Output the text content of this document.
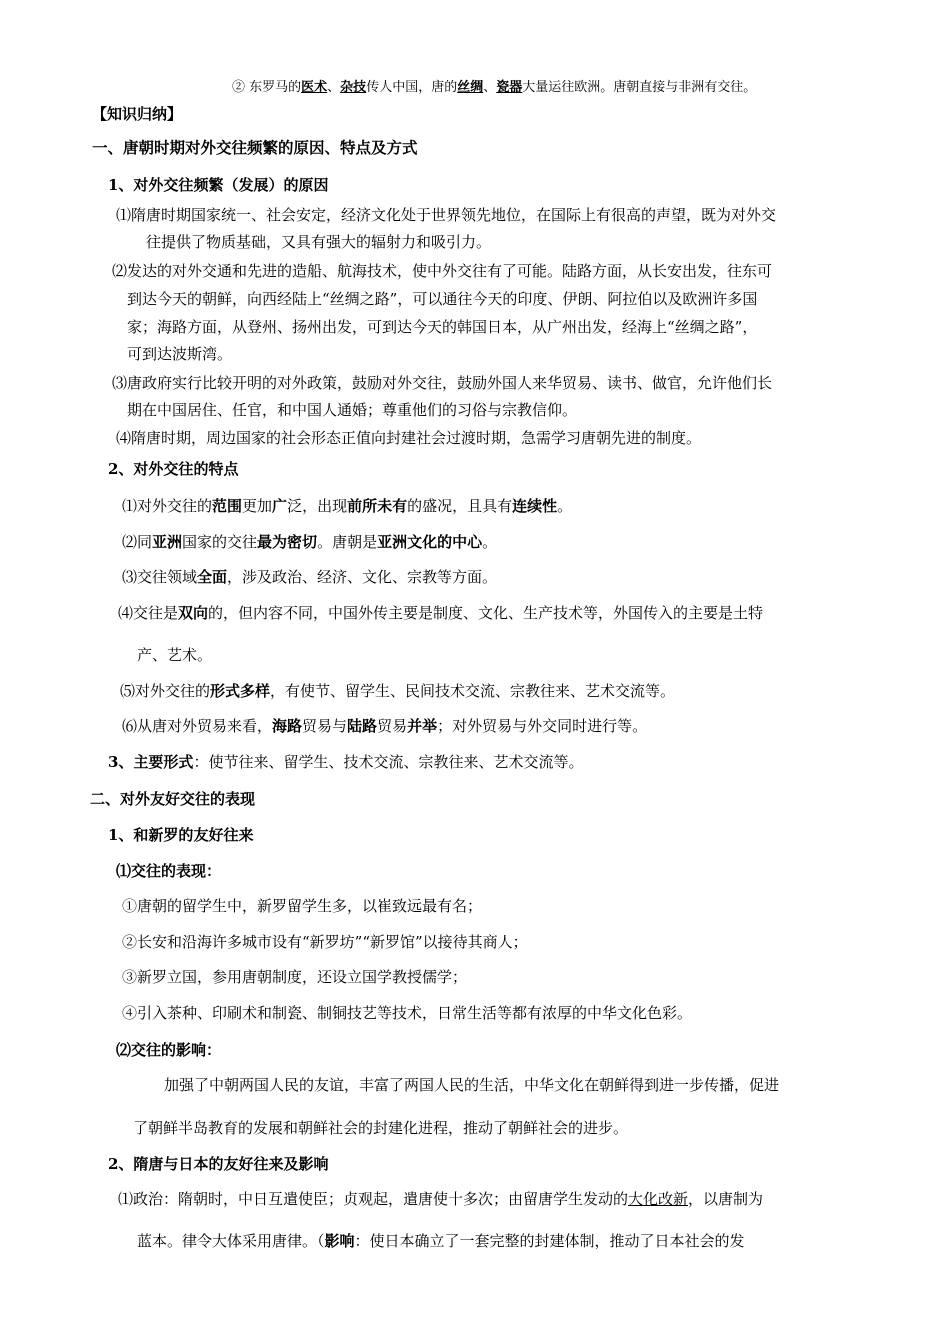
② 东罗马的医术、杂技传人中国，唐的丝绸、瓷器大量运往欧洲。唐朝直接与非洲有交往。
【知识归纳】
一、唐朝时期对外交往频繁的原因、特点及方式
1、对外交往频繁（发展）的原因
⑴隋唐时期国家统一、社会安定，经济文化处于世界领先地位，在国际上有很高的声望，既为对外交
往提供了物质基础，又具有强大的辐射力和吸引力。
⑵发达的对外交通和先进的造船、航海技术，使中外交往有了可能。陆路方面，从长安出发，往东可
到达今天的朝鲜，向西经陆上“丝绸之路”，可以通往今天的印度、伊朗、阿拉伯以及欧洲许多国
家；海路方面，从登州、扬州出发，可到达今天的韩国日本，从广州出发，经海上“丝绸之路”，
可到达波斯湾。
⑶唐政府实行比较开明的对外政策，鼓励对外交往，鼓励外国人来华贸易、读书、做官，允许他们长
期在中国居住、任官，和中国人通婚；尊重他们的习俗与宗教信仰。
⑷隋唐时期，周边国家的社会形态正值向封建社会过渡时期，急需学习唐朝先进的制度。
2、对外交往的特点
⑴对外交往的范围更加广泛，出现前所未有的盛况，且具有连续性。
⑵同亚洲国家的交往最为密切。唐朝是亚洲文化的中心。
⑶交往领域全面，涉及政治、经济、文化、宗教等方面。
⑷交往是双向的，但内容不同，中国外传主要是制度、文化、生产技术等，外国传入的主要是土特
产、艺术。
⑸对外交往的形式多样，有使节、留学生、民间技术交流、宗教往来、艺术交流等。
⑹从唐对外贸易来看，海路贸易与陆路贸易并举；对外贸易与外交同时进行等。
3、主要形式：使节往来、留学生、技术交流、宗教往来、艺术交流等。
二、对外友好交往的表现
1、和新罗的友好往来
⑴交往的表现：
①唐朝的留学生中，新罗留学生多，以崔致远最有名；
②长安和沿海许多城市设有“新罗坊”“新罗馆”以接待其商人；
③新罗立国，参用唐朝制度，还设立国学教授儒学；
④引入茶种、印刷术和制瓷、制铜技艺等技术，日常生活等都有浓厚的中华文化色彩。
⑵交往的影响：
加强了中朝两国人民的友谊，丰富了两国人民的生活，中华文化在朝鲜得到进一步传播，促进
了朝鲜半岛教育的发展和朝鲜社会的封建化进程，推动了朝鲜社会的进步。
2、隋唐与日本的友好往来及影响
⑴政治：隋朝时，中日互遣使臣；贞观起，遣唐使十多次；由留唐学生发动的大化改新，以唐制为
蓝本。律令大体采用唐律。（影响：使日本确立了一套完整的封建体制，推动了日本社会的发
